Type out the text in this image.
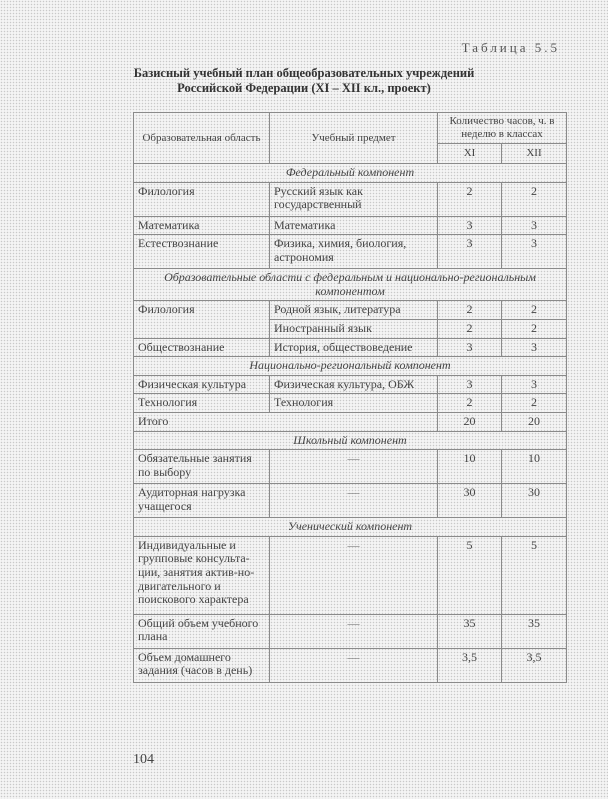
Таблица 5.5
Базисный учебный план общеобразовательных учреждений
Российской Федерации (XI – XII кл., проект)
Образовательная область	Учебный предмет	Количество часов, ч. в неделю в классах	
		XI	XII
Федеральный компонент			
Филология	Русский язык как государственный	2	2
Математика	Математика	3	3
Естествознание	Физика, химия, биология, астрономия	3	3
Образовательные области с федеральным и национально-региональным компонентом			
Филология	Родной язык, литература	2	2
	Иностранный язык	2	2
Обществознание	История, обществоведение	3	3
Национально-региональный компонент			
Физическая культура	Физическая культура, ОБЖ	3	3
Технология	Технология	2	2
Итого		20	20
Школьный компонент			
Обязательные занятия по выбору	—	10	10
Аудиторная нагрузка учащегося	—	30	30
Ученический компонент			
Индивидуальные и групповые консульта-ции, занятия актив-но-двигательного и поискового характера	—	5	5
Общий объем учебного плана	—	35	35
Объем домашнего задания (часов в день)	—	3,5	3,5
104
